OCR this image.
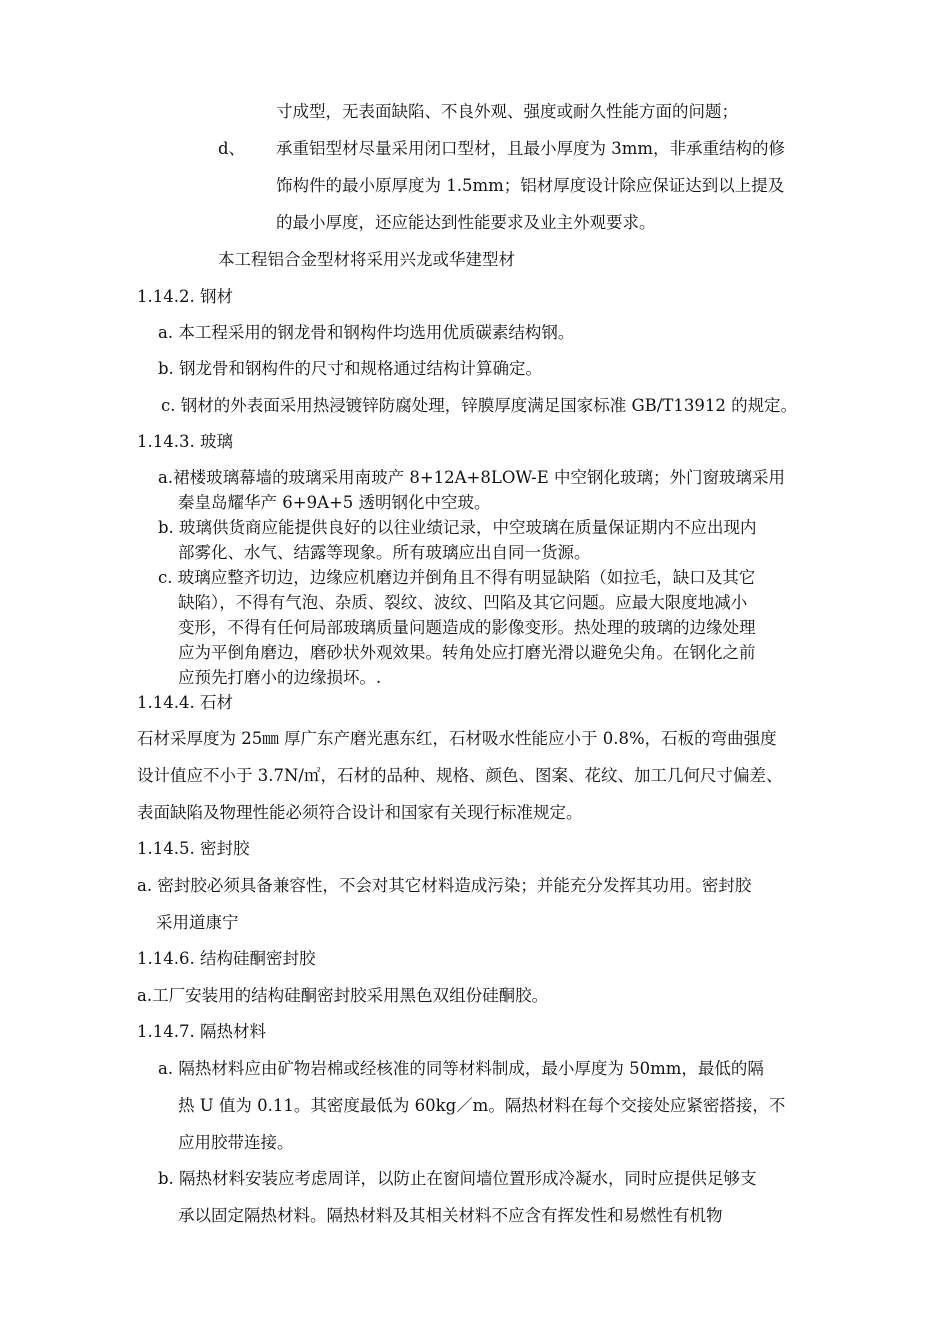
寸成型，无表面缺陷、不良外观、强度或耐久性能方面的问题；
d、 承重铝型材尽量采用闭口型材，且最小厚度为 3mm，非承重结构的修
饰构件的最小原厚度为 1.5mm；铝材厚度设计除应保证达到以上提及
的最小厚度，还应能达到性能要求及业主外观要求。
本工程铝合金型材将采用兴龙或华建型材
1.14.2. 钢材
a. 本工程采用的钢龙骨和钢构件均选用优质碳素结构钢。
b. 钢龙骨和钢构件的尺寸和规格通过结构计算确定。
c. 钢材的外表面采用热浸镀锌防腐处理，锌膜厚度满足国家标准 GB/T13912 的规定。
1.14.3. 玻璃
a.裙楼玻璃幕墙的玻璃采用南玻产 8+12A+8LOW-E 中空钢化玻璃；外门窗玻璃采用
秦皇岛耀华产 6+9A+5 透明钢化中空玻。
b. 玻璃供货商应能提供良好的以往业绩记录，中空玻璃在质量保证期内不应出现内
部雾化、水气、结露等现象。所有玻璃应出自同一货源。
c. 玻璃应整齐切边，边缘应机磨边并倒角且不得有明显缺陷（如拉毛，缺口及其它
缺陷），不得有气泡、杂质、裂纹、波纹、凹陷及其它问题。应最大限度地减小
变形，不得有任何局部玻璃质量问题造成的影像变形。热处理的玻璃的边缘处理
应为平倒角磨边，磨砂状外观效果。转角处应打磨光滑以避免尖角。在钢化之前
应预先打磨小的边缘损坏。.
1.14.4. 石材
石材采厚度为 25㎜ 厚广东产磨光惠东红，石材吸水性能应小于 0.8%，石板的弯曲强度
设计值应不小于 3.7N/㎡，石材的品种、规格、颜色、图案、花纹、加工几何尺寸偏差、
表面缺陷及物理性能必须符合设计和国家有关现行标准规定。
1.14.5. 密封胶
a. 密封胶必须具备兼容性，不会对其它材料造成污染；并能充分发挥其功用。密封胶
采用道康宁
1.14.6. 结构硅酮密封胶
a.工厂安装用的结构硅酮密封胶采用黑色双组份硅酮胶。
1.14.7. 隔热材料
a. 隔热材料应由矿物岩棉或经核准的同等材料制成，最小厚度为 50mm，最低的隔
热 U 值为 0.11。其密度最低为 60kg／m。隔热材料在每个交接处应紧密搭接，不
应用胶带连接。
b. 隔热材料安装应考虑周详，以防止在窗间墙位置形成冷凝水，同时应提供足够支
承以固定隔热材料。隔热材料及其相关材料不应含有挥发性和易燃性有机物
